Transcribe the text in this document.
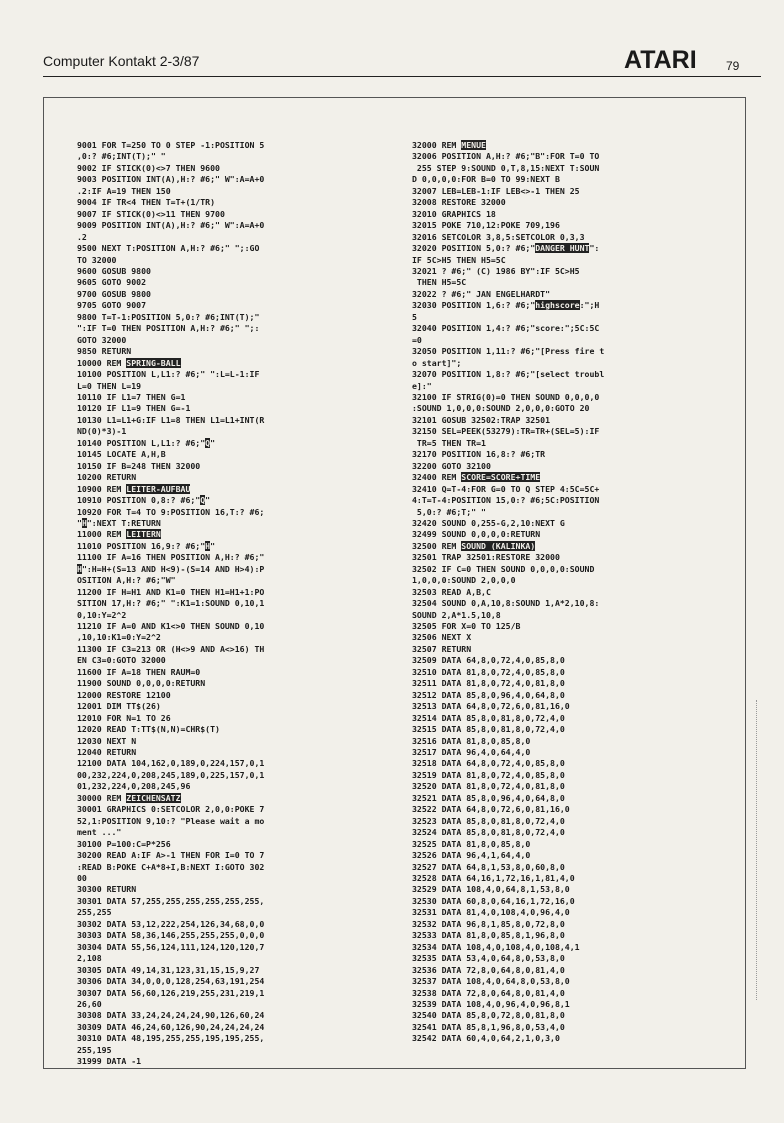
Computer Kontakt 2-3/87	ATARI 79
9001 FOR T=250 TO 0 STEP -1:POSITION 5
,0:? #6;INT(T);" "
9002 IF STICK(0)<>7 THEN 9600
9003 POSITION INT(A),H:? #6;" W":A=A+0
.2:IF A=19 THEN 150
9004 IF TR<4 THEN T=T+(1/TR)
9007 IF STICK(0)<>11 THEN 9700
9009 POSITION INT(A),H:? #6;" W":A=A+0
.2
9500 NEXT T:POSITION A,H:? #6;" ";:GO
TO 32000
9600 GOSUB 9800
9605 GOTO 9002
9700 GOSUB 9800
9705 GOTO 9007
9800 T=T-1:POSITION 5,0:? #6;INT(T);"
":IF T=0 THEN POSITION A,H:? #6;" ";:
GOTO 32000
9850 RETURN
10000 REM SPRING-BALL
10100 POSITION L,L1:? #6;" ":L=L-1:IF
L=0 THEN L=19
10110 IF L1=7 THEN G=1
10120 IF L1=9 THEN G=-1
10130 L1=L1+G:IF L1=8 THEN L1=L1+INT(R
ND(0)*3)-1
10140 POSITION L,L1:? #6;"Q"
10145 LOCATE A,H,B
10150 IF B=248 THEN 32000
10200 RETURN
10900 REM LEITER-AUFBAU
10910 POSITION 0,8:? #6;"Q"
10920 FOR T=4 TO 9:POSITION 16,T:? #6;
"H":NEXT T:RETURN
11000 REM LEITERN
11010 POSITION 16,9:? #6;"H"
11100 IF A=16 THEN POSITION A,H:? #6;"
H":H=H+(S=13 AND H<9)-(S=14 AND H>4):P
OSITION A,H:? #6;"W"
11200 IF H=H1 AND K1=0 THEN H1=H1+1:PO
SITION 17,H:? #6;" ":K1=1:SOUND 0,10,1
0,10:Y=2^2
11210 IF A=0 AND K1<>0 THEN SOUND 0,10
,10,10:K1=0:Y=2^2
11300 IF C3=213 OR (H<>9 AND A<>16) TH
EN C3=0:GOTO 32000
11600 IF A=18 THEN RAUM=0
11900 SOUND 0,0,0,0:RETURN
12000 RESTORE 12100
12001 DIM TT$(26)
12010 FOR N=1 TO 26
12020 READ T:TT$(N,N)=CHR$(T)
12030 NEXT N
12040 RETURN
12100 DATA 104,162,0,189,0,224,157,0,1
00,232,224,0,208,245,189,0,225,157,0,1
01,232,224,0,208,245,96
30000 REM ZEICHENSATZ
30001 GRAPHICS 0:SETCOLOR 2,0,0:POKE 7
52,1:POSITION 9,10:? "Please wait a mo
ment ..."
30100 P=100:C=P*256
30200 READ A:IF A>-1 THEN FOR I=0 TO 7
:READ B:POKE C+A*8+I,B:NEXT I:GOTO 302
00
30300 RETURN
30301 DATA 57,255,255,255,255,255,255,
255,255
30302 DATA 53,12,222,254,126,34,68,0,0
30303 DATA 58,36,146,255,255,255,0,0,0
30304 DATA 55,56,124,111,124,120,120,7
2,108
30305 DATA 49,14,31,123,31,15,15,9,27
30306 DATA 34,0,0,0,128,254,63,191,254
30307 DATA 56,60,126,219,255,231,219,1
26,60
30308 DATA 33,24,24,24,24,90,126,60,24
30309 DATA 46,24,60,126,90,24,24,24,24
30310 DATA 48,195,255,255,195,195,255,
255,195
31999 DATA -1
32000 REM MENUE
32006 POSITION A,H:? #6;"B":FOR T=0 TO
255 STEP 9:SOUND 0,T,8,15:NEXT T:SOUN
D 0,0,0,0:FOR B=0 TO 99:NEXT B
32007 LEB=LEB-1:IF LEB<>-1 THEN 25
32008 RESTORE 32000
32010 GRAPHICS 18
32015 POKE 710,12:POKE 709,196
32016 SETCOLOR 3,8,5:SETCOLOR 0,3,3
32020 POSITION 5,0:? #6;"DANGER HUNT":
IF 5C>H5 THEN H5=5C
32021 ? #6;" (C) 1986 BY":IF 5C>H5
THEN H5=5C
32022 ? #6;" JAN ENGELHARDT"
32030 POSITION 1,6:? #6;"highscore:";H
5
32040 POSITION 1,4:? #6;"score:";5C:5C
=0
32050 POSITION 1,11:? #6;"[Press fire t
o start]";
32070 POSITION 1,8:? #6;"[select troubl
e]:"
32100 IF STRIG(0)=0 THEN SOUND 0,0,0,0
:SOUND 1,0,0,0:SOUND 2,0,0,0:GOTO 20
32101 GOSUB 32502:TRAP 32501
32150 SEL=PEEK(53279):TR=TR+(SEL=5):IF
TR=5 THEN TR=1
32170 POSITION 16,8:? #6;TR
32200 GOTO 32100
32400 REM SCORE=SCORE+TIME
32410 Q=T-4:FOR G=0 TO Q STEP 4:5C=5C+
4:T=T-4:POSITION 15,0:? #6;5C:POSITION
5,0:? #6;T;" "
32420 SOUND 0,255-G,2,10:NEXT G
32499 SOUND 0,0,0,0:RETURN
32500 REM SOUND (KALINKA)
32501 TRAP 32501:RESTORE 32000
32502 IF C=0 THEN SOUND 0,0,0,0:SOUND
1,0,0,0:SOUND 2,0,0,0
32503 READ A,B,C
32504 SOUND 0,A,10,8:SOUND 1,A*2,10,8:
SOUND 2,A*1.5,10,8
32505 FOR X=0 TO 125/B
32506 NEXT X
32507 RETURN
32509 DATA 64,8,0,72,4,0,85,8,0
32510 DATA 81,8,0,72,4,0,85,8,0
32511 DATA 81,8,0,72,4,0,81,8,0
32512 DATA 85,8,0,96,4,0,64,8,0
32513 DATA 64,8,0,72,6,0,81,16,0
32514 DATA 85,8,0,81,8,0,72,4,0
32515 DATA 85,8,0,81,8,0,72,4,0
32516 DATA 81,8,0,85,8,0
32517 DATA 96,4,0,64,4,0
32518 DATA 64,8,0,72,4,0,85,8,0
32519 DATA 81,8,0,72,4,0,85,8,0
32520 DATA 81,8,0,72,4,0,81,8,0
32521 DATA 85,8,0,96,4,0,64,8,0
32522 DATA 64,8,0,72,6,0,81,16,0
32523 DATA 85,8,0,81,8,0,72,4,0
32524 DATA 85,8,0,81,8,0,72,4,0
32525 DATA 81,8,0,85,8,0
32526 DATA 96,4,1,64,4,0
32527 DATA 64,8,1,53,8,0,60,8,0
32528 DATA 64,16,1,72,16,1,81,4,0
32529 DATA 108,4,0,64,8,1,53,8,0
32530 DATA 60,8,0,64,16,1,72,16,0
32531 DATA 81,4,0,108,4,0,96,4,0
32532 DATA 96,8,1,85,8,0,72,8,0
32533 DATA 81,8,0,85,8,1,96,8,0
32534 DATA 108,4,0,108,4,0,108,4,1
32535 DATA 53,4,0,64,8,0,53,8,0
32536 DATA 72,8,0,64,8,0,81,4,0
32537 DATA 108,4,0,64,8,0,53,8,0
32538 DATA 72,8,0,64,8,0,81,4,0
32539 DATA 108,4,0,96,4,0,96,8,1
32540 DATA 85,8,0,72,8,0,81,8,0
32541 DATA 85,8,1,96,8,0,53,4,0
32542 DATA 60,4,0,64,2,1,0,3,0
